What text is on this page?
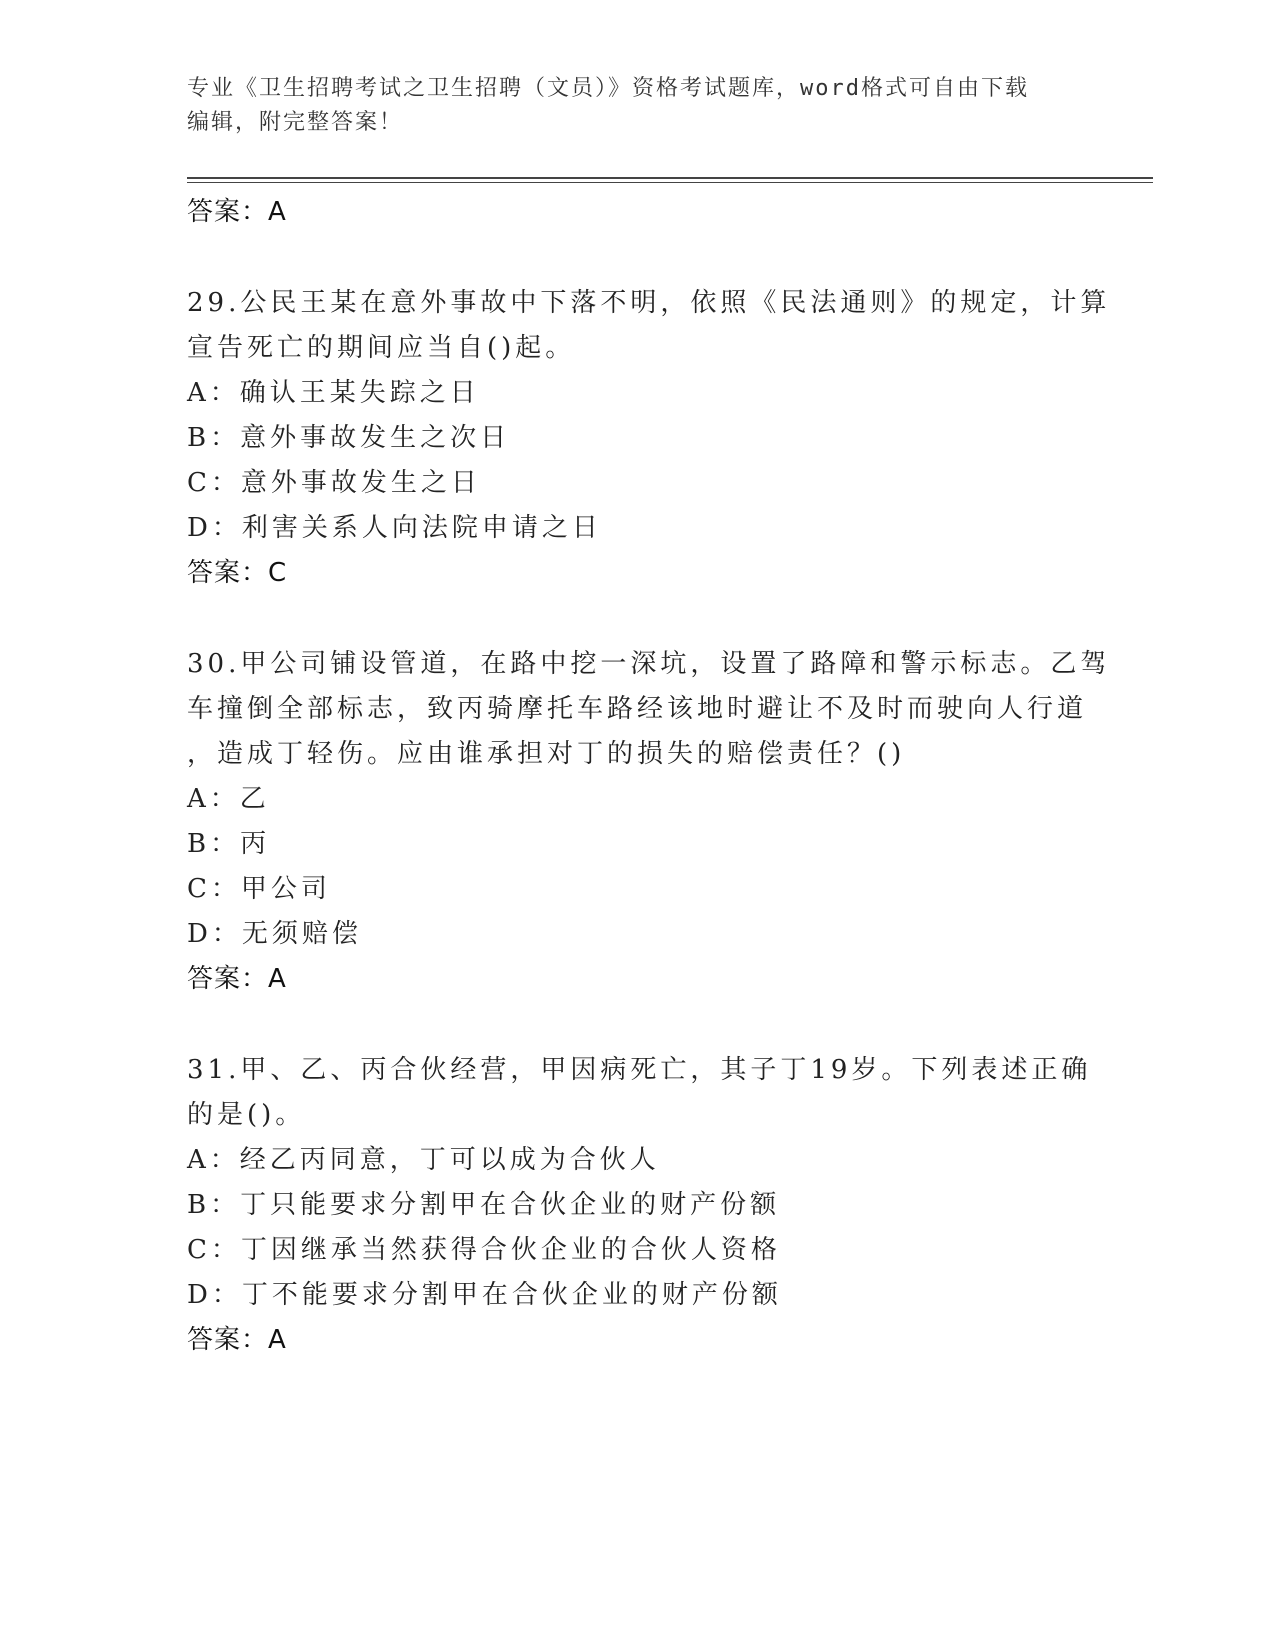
专业《卫生招聘考试之卫生招聘（文员）》资格考试题库，word格式可自由下载
编辑，附完整答案！
答案：A
29.公民王某在意外事故中下落不明，依照《民法通则》的规定，计算
宣告死亡的期间应当自()起。
A：确认王某失踪之日
B：意外事故发生之次日
C：意外事故发生之日
D：利害关系人向法院申请之日
答案：C
30.甲公司铺设管道，在路中挖一深坑，设置了路障和警示标志。乙驾
车撞倒全部标志，致丙骑摩托车路经该地时避让不及时而驶向人行道
，造成丁轻伤。应由谁承担对丁的损失的赔偿责任？()
A：乙
B：丙
C：甲公司
D：无须赔偿
答案：A
31.甲、乙、丙合伙经营，甲因病死亡，其子丁19岁。下列表述正确
的是()。
A：经乙丙同意，丁可以成为合伙人
B：丁只能要求分割甲在合伙企业的财产份额
C：丁因继承当然获得合伙企业的合伙人资格
D：丁不能要求分割甲在合伙企业的财产份额
答案：A
